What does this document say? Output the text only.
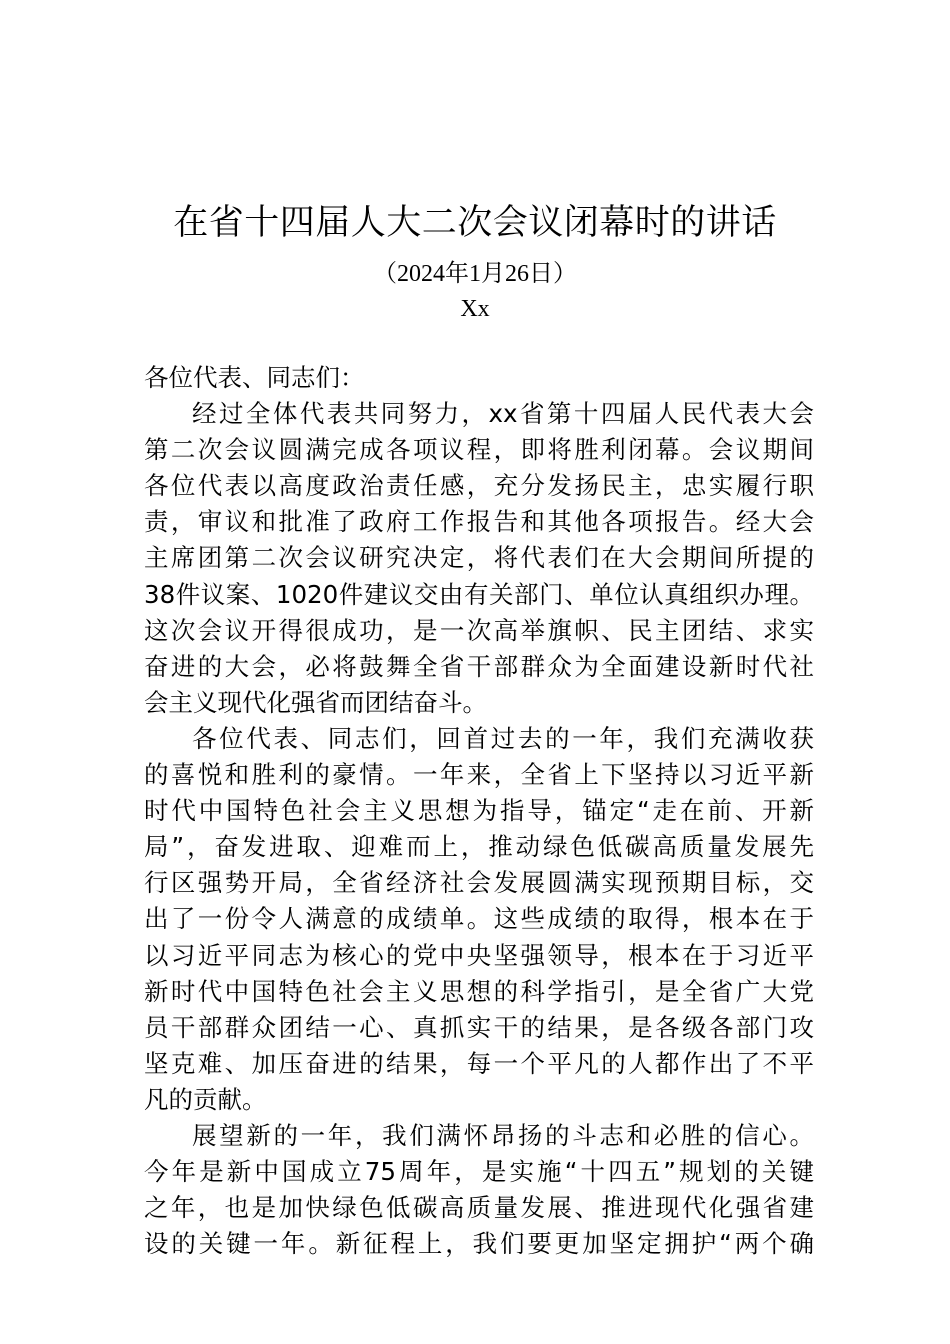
在省十四届人大二次会议闭幕时的讲话
（2024年1月26日）
Xx
各位代表、同志们：
经过全体代表共同努力，xx省第十四届人民代表大会
第二次会议圆满完成各项议程，即将胜利闭幕。会议期间
各位代表以高度政治责任感，充分发扬民主，忠实履行职
责，审议和批准了政府工作报告和其他各项报告。经大会
主席团第二次会议研究决定，将代表们在大会期间所提的
38件议案、1020件建议交由有关部门、单位认真组织办理。
这次会议开得很成功，是一次高举旗帜、民主团结、求实
奋进的大会，必将鼓舞全省干部群众为全面建设新时代社
会主义现代化强省而团结奋斗。
各位代表、同志们，回首过去的一年，我们充满收获
的喜悦和胜利的豪情。一年来，全省上下坚持以习近平新
时代中国特色社会主义思想为指导，锚定“走在前、开新
局”，奋发进取、迎难而上，推动绿色低碳高质量发展先
行区强势开局，全省经济社会发展圆满实现预期目标，交
出了一份令人满意的成绩单。这些成绩的取得，根本在于
以习近平同志为核心的党中央坚强领导，根本在于习近平
新时代中国特色社会主义思想的科学指引，是全省广大党
员干部群众团结一心、真抓实干的结果，是各级各部门攻
坚克难、加压奋进的结果，每一个平凡的人都作出了不平
凡的贡献。
展望新的一年，我们满怀昂扬的斗志和必胜的信心。
今年是新中国成立75周年，是实施“十四五”规划的关键
之年，也是加快绿色低碳高质量发展、推进现代化强省建
设的关键一年。新征程上，我们要更加坚定拥护“两个确
